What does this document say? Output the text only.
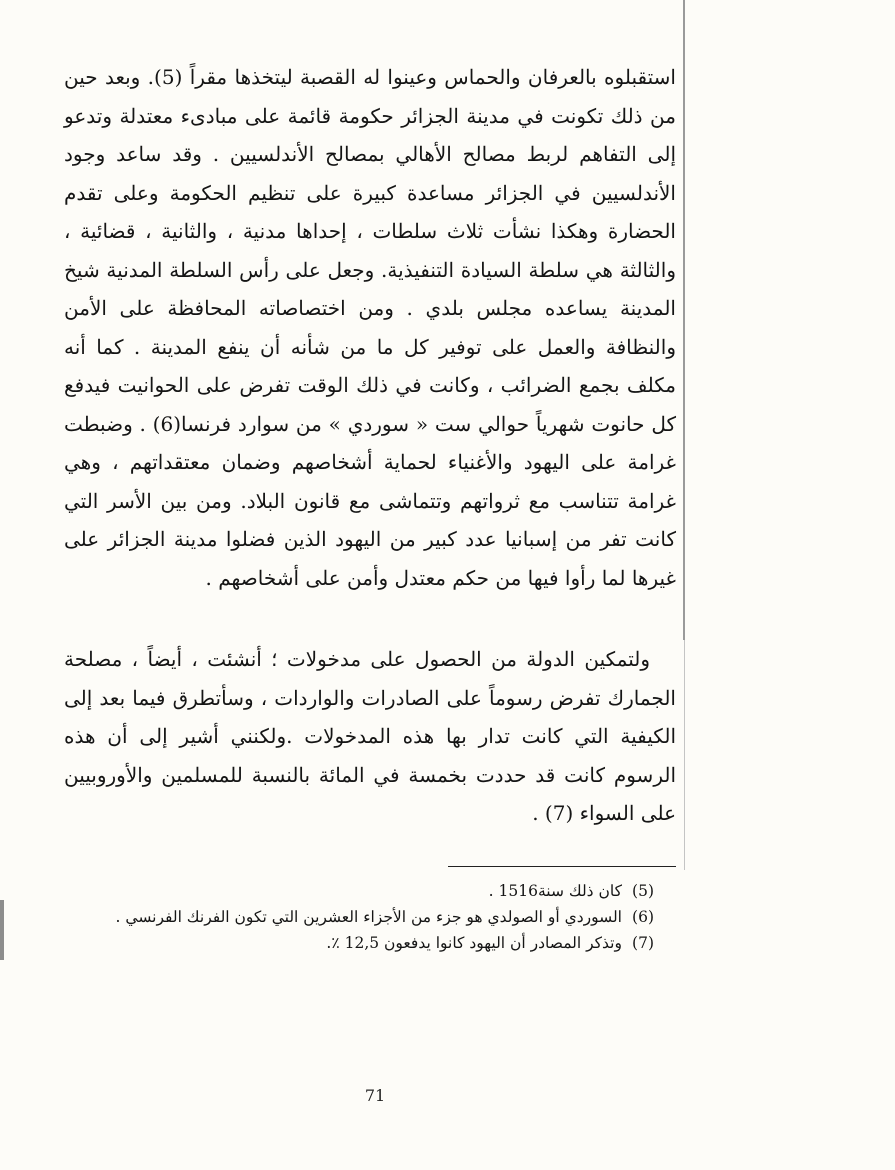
استقبلوه بالعرفان والحماس وعينوا له القصبة ليتخذها مقراً (5). وبعد حين من ذلك تكونت في مدينة الجزائر حكومة قائمة على مبادىء معتدلة وتدعو إلى التفاهم لربط مصالح الأهالي بمصالح الأندلسيين . وقد ساعد وجود الأندلسيين في الجزائر مساعدة كبيرة على تنظيم الحكومة وعلى تقدم الحضارة وهكذا نشأت ثلاث سلطات ، إحداها مدنية ، والثانية ، قضائية ، والثالثة هي سلطة السيادة التنفيذية. وجعل على رأس السلطة المدنية شيخ المدينة يساعده مجلس بلدي . ومن اختصاصاته المحافظة على الأمن والنظافة والعمل على توفير كل ما من شأنه أن ينفع المدينة . كما أنه مكلف بجمع الضرائب ، وكانت في ذلك الوقت تفرض على الحوانيت فيدفع كل حانوت شهرياً حوالي ست « سوردي » من سوارد فرنسا(6) . وضبطت غرامة على اليهود والأغنياء لحماية أشخاصهم وضمان معتقداتهم ، وهي غرامة تتناسب مع ثرواتهم وتتماشى مع قانون البلاد. ومن بين الأسر التي كانت تفر من إسبانيا عدد كبير من اليهود الذين فضلوا مدينة الجزائر على غيرها لما رأوا فيها من حكم معتدل وأمن على أشخاصهم .

ولتمكين الدولة من الحصول على مدخولات ؛ أنشئت ، أيضاً ، مصلحة الجمارك تفرض رسوماً على الصادرات والواردات ، وسأتطرق فيما بعد إلى الكيفية التي كانت تدار بها هذه المدخولات .ولكنني أشير إلى أن هذه الرسوم كانت قد حددت بخمسة في المائة بالنسبة للمسلمين والأوروبيين على السواء (7) .

(5)كان ذلك سنة1516 .
(6)السوردي أو الصولدي هو جزء من الأجزاء العشرين التي تكون الفرنك الفرنسي .
(7)وتذكر المصادر أن اليهود كانوا يدفعون 12,5 ٪.
71
